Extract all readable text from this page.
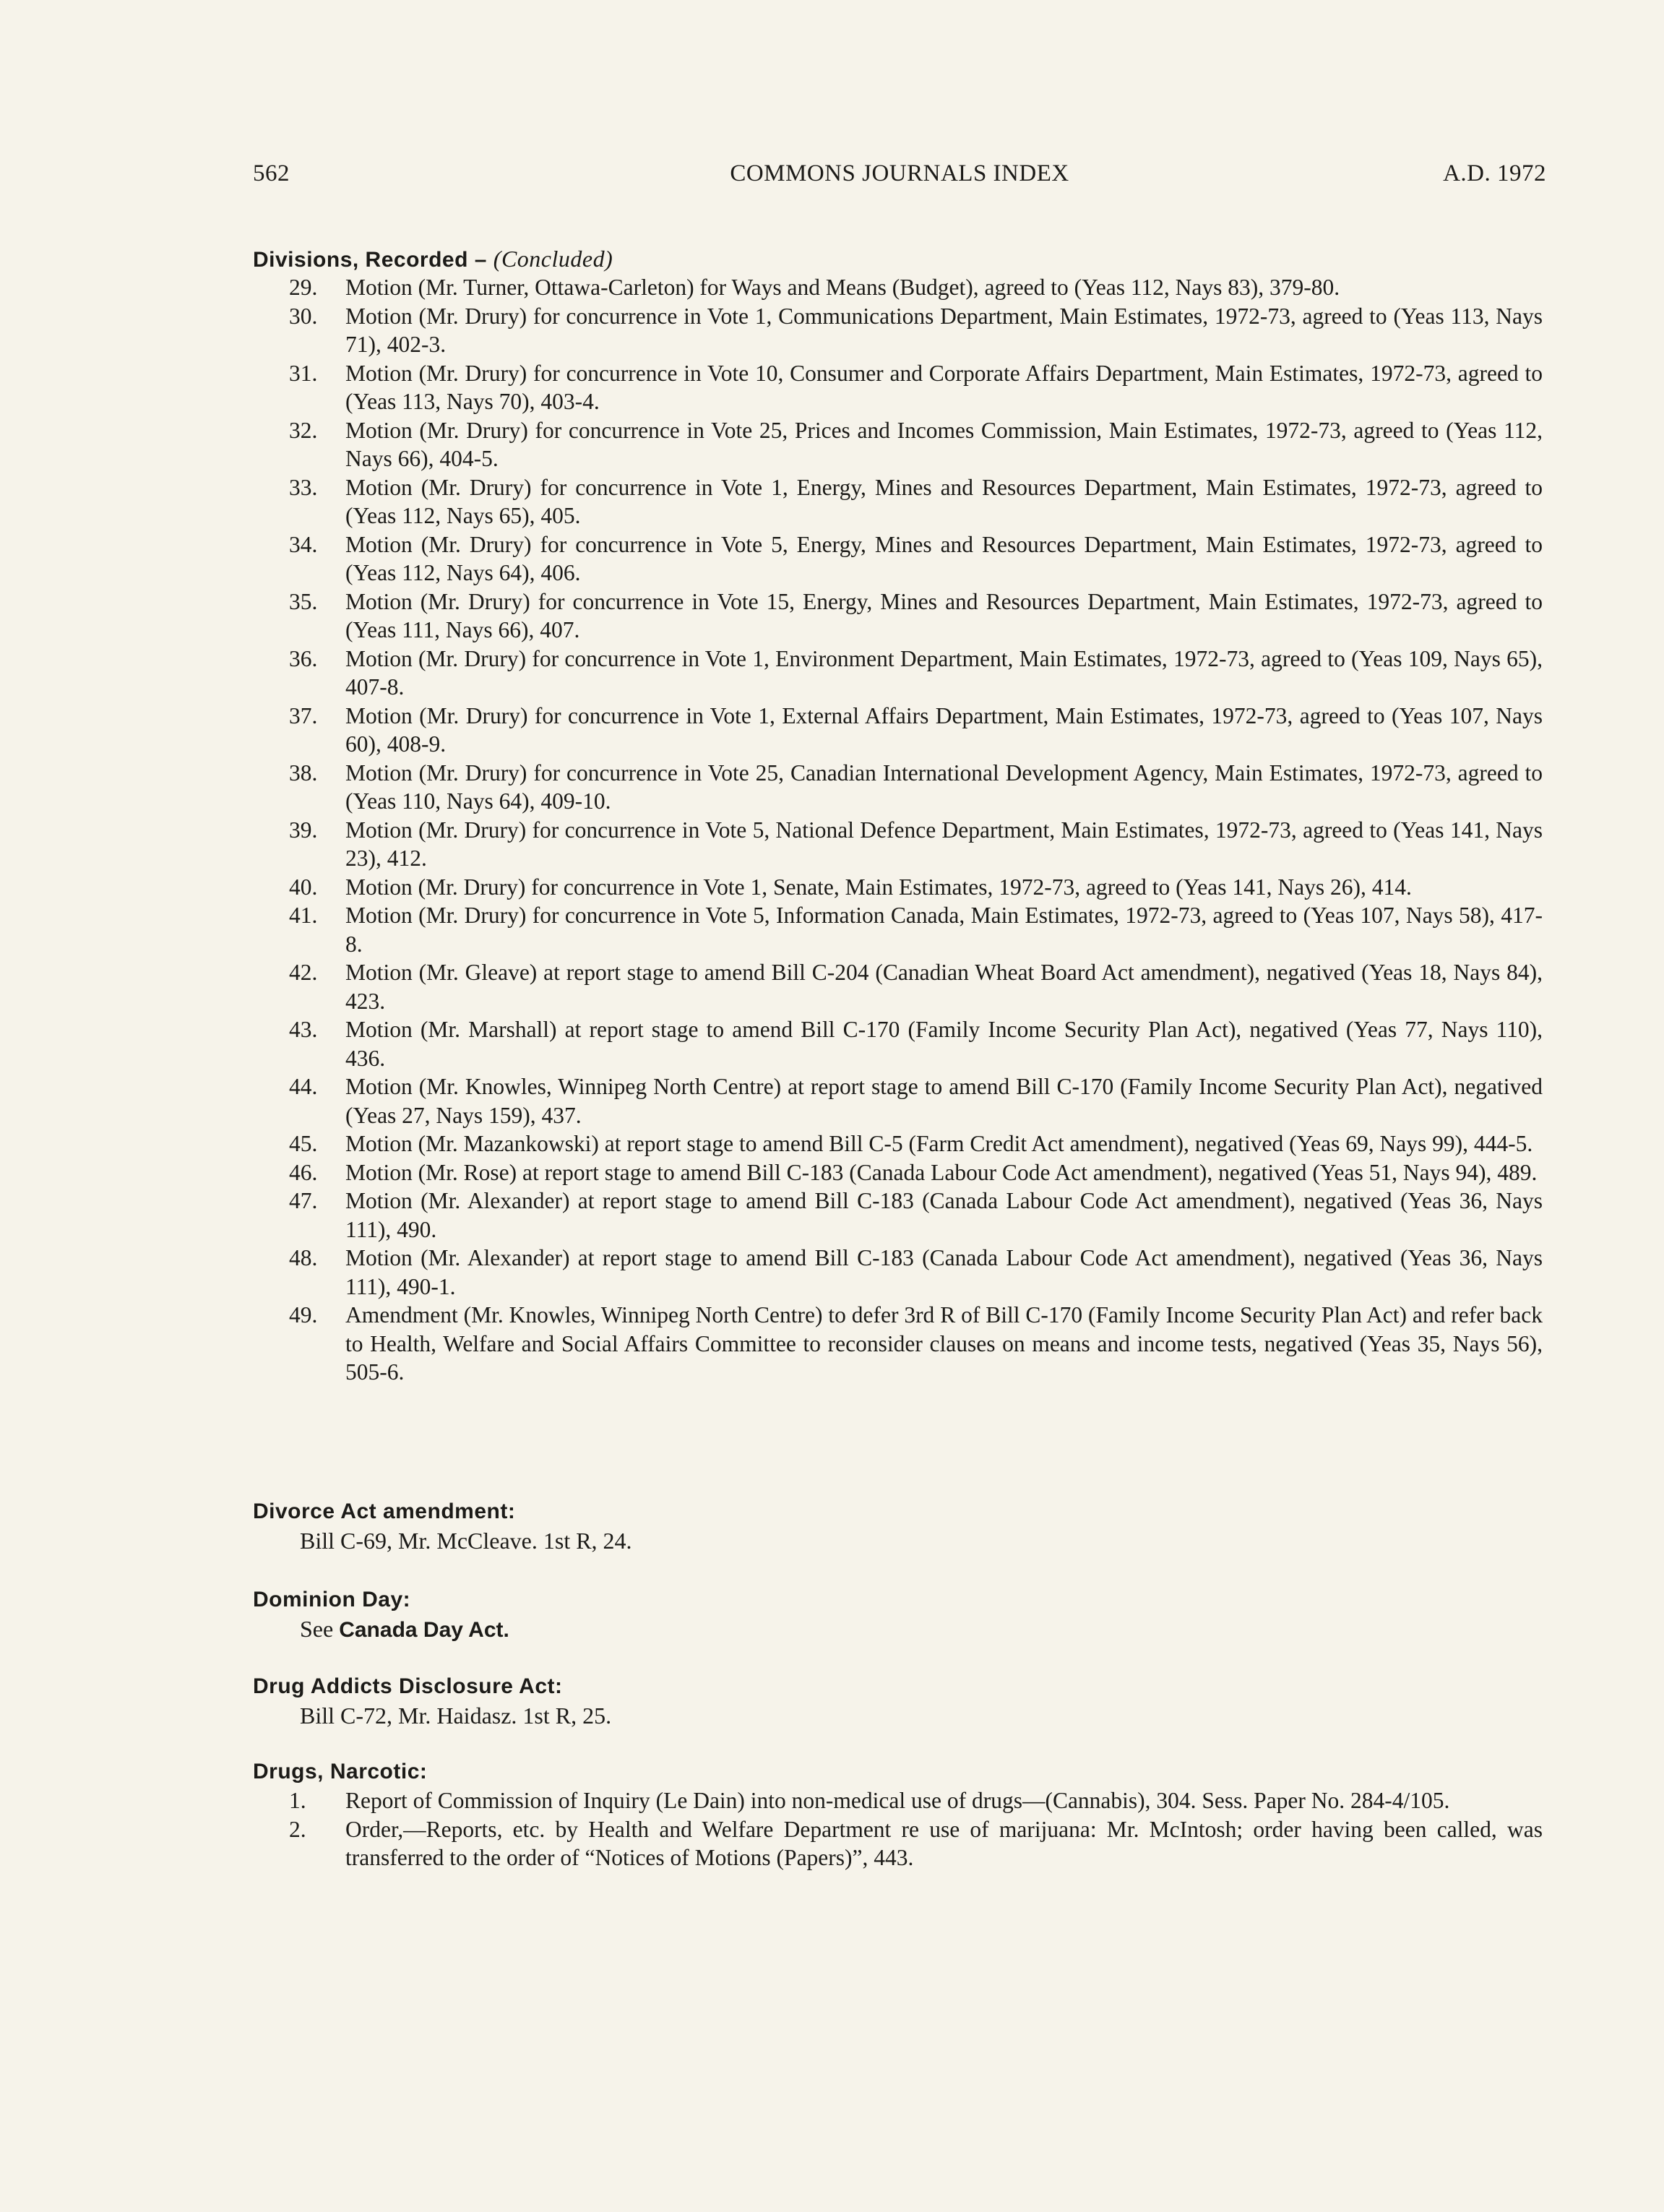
562	COMMONS JOURNALS INDEX	A.D. 1972
Divisions, Recorded – (Concluded)
29. Motion (Mr. Turner, Ottawa-Carleton) for Ways and Means (Budget), agreed to (Yeas 112, Nays 83), 379-80.
30. Motion (Mr. Drury) for concurrence in Vote 1, Communications Department, Main Estimates, 1972-73, agreed to (Yeas 113, Nays 71), 402-3.
31. Motion (Mr. Drury) for concurrence in Vote 10, Consumer and Corporate Affairs Department, Main Estimates, 1972-73, agreed to (Yeas 113, Nays 70), 403-4.
32. Motion (Mr. Drury) for concurrence in Vote 25, Prices and Incomes Commission, Main Estimates, 1972-73, agreed to (Yeas 112, Nays 66), 404-5.
33. Motion (Mr. Drury) for concurrence in Vote 1, Energy, Mines and Resources Department, Main Estimates, 1972-73, agreed to (Yeas 112, Nays 65), 405.
34. Motion (Mr. Drury) for concurrence in Vote 5, Energy, Mines and Resources Department, Main Estimates, 1972-73, agreed to (Yeas 112, Nays 64), 406.
35. Motion (Mr. Drury) for concurrence in Vote 15, Energy, Mines and Resources Department, Main Estimates, 1972-73, agreed to (Yeas 111, Nays 66), 407.
36. Motion (Mr. Drury) for concurrence in Vote 1, Environment Department, Main Estimates, 1972-73, agreed to (Yeas 109, Nays 65), 407-8.
37. Motion (Mr. Drury) for concurrence in Vote 1, External Affairs Department, Main Estimates, 1972-73, agreed to (Yeas 107, Nays 60), 408-9.
38. Motion (Mr. Drury) for concurrence in Vote 25, Canadian International Development Agency, Main Estimates, 1972-73, agreed to (Yeas 110, Nays 64), 409-10.
39. Motion (Mr. Drury) for concurrence in Vote 5, National Defence Department, Main Estimates, 1972-73, agreed to (Yeas 141, Nays 23), 412.
40. Motion (Mr. Drury) for concurrence in Vote 1, Senate, Main Estimates, 1972-73, agreed to (Yeas 141, Nays 26), 414.
41. Motion (Mr. Drury) for concurrence in Vote 5, Information Canada, Main Estimates, 1972-73, agreed to (Yeas 107, Nays 58), 417-8.
42. Motion (Mr. Gleave) at report stage to amend Bill C-204 (Canadian Wheat Board Act amendment), negatived (Yeas 18, Nays 84), 423.
43. Motion (Mr. Marshall) at report stage to amend Bill C-170 (Family Income Security Plan Act), negatived (Yeas 77, Nays 110), 436.
44. Motion (Mr. Knowles, Winnipeg North Centre) at report stage to amend Bill C-170 (Family Income Security Plan Act), negatived (Yeas 27, Nays 159), 437.
45. Motion (Mr. Mazankowski) at report stage to amend Bill C-5 (Farm Credit Act amendment), negatived (Yeas 69, Nays 99), 444-5.
46. Motion (Mr. Rose) at report stage to amend Bill C-183 (Canada Labour Code Act amendment), negatived (Yeas 51, Nays 94), 489.
47. Motion (Mr. Alexander) at report stage to amend Bill C-183 (Canada Labour Code Act amendment), negatived (Yeas 36, Nays 111), 490.
48. Motion (Mr. Alexander) at report stage to amend Bill C-183 (Canada Labour Code Act amendment), negatived (Yeas 36, Nays 111), 490-1.
49. Amendment (Mr. Knowles, Winnipeg North Centre) to defer 3rd R of Bill C-170 (Family Income Security Plan Act) and refer back to Health, Welfare and Social Affairs Committee to reconsider clauses on means and income tests, negatived (Yeas 35, Nays 56), 505-6.
Divorce Act amendment:
Bill C-69, Mr. McCleave. 1st R, 24.
Dominion Day:
See Canada Day Act.
Drug Addicts Disclosure Act:
Bill C-72, Mr. Haidasz. 1st R, 25.
Drugs, Narcotic:
1. Report of Commission of Inquiry (Le Dain) into non-medical use of drugs—(Cannabis), 304. Sess. Paper No. 284-4/105.
2. Order,—Reports, etc. by Health and Welfare Department re use of marijuana: Mr. McIntosh; order having been called, was transferred to the order of “Notices of Motions (Papers)”, 443.
